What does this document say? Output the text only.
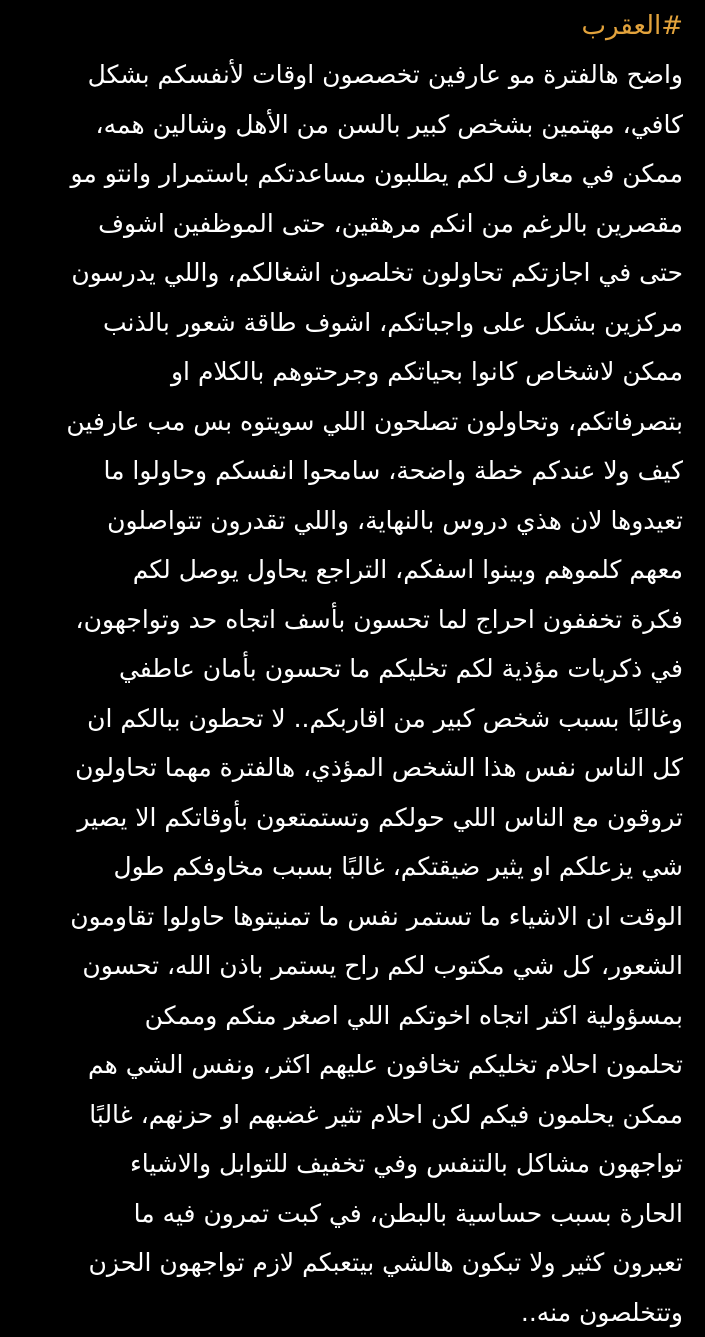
#العقرب
واضح هالفترة مو عارفين تخصصون اوقات لأنفسكم بشكل
كافي، مهتمين بشخص كبير بالسن من الأهل وشالين همه،
ممكن في معارف لكم يطلبون مساعدتكم باستمرار وانتو مو
مقصرين بالرغم من انكم مرهقين، حتى الموظفين اشوف
حتى في اجازتكم تحاولون تخلصون اشغالكم، واللي يدرسون
مركزين بشكل على واجباتكم، اشوف طاقة شعور بالذنب
ممكن لاشخاص كانوا بحياتكم وجرحتوهم بالكلام او
بتصرفاتكم، وتحاولون تصلحون اللي سويتوه بس مب عارفين
كيف ولا عندكم خطة واضحة، سامحوا انفسكم وحاولوا ما
تعيدوها لان هذي دروس بالنهاية، واللي تقدرون تتواصلون
معهم كلموهم وبينوا اسفكم، التراجع يحاول يوصل لكم
فكرة تخففون احراج لما تحسون بأسف اتجاه حد وتواجهون،
في ذكريات مؤذية لكم تخليكم ما تحسون بأمان عاطفي
وغالبًا بسبب شخص كبير من اقاربكم.. لا تحطون ببالكم ان
كل الناس نفس هذا الشخص المؤذي، هالفترة مهما تحاولون
تروقون مع الناس اللي حولكم وتستمتعون بأوقاتكم الا يصير
شي يزعلكم او يثير ضيقتكم، غالبًا بسبب مخاوفكم طول
الوقت ان الاشياء ما تستمر نفس ما تمنيتوها حاولوا تقاومون
الشعور، كل شي مكتوب لكم راح يستمر باذن الله، تحسون
بمسؤولية اكثر اتجاه اخوتكم اللي اصغر منكم وممكن
تحلمون احلام تخليكم تخافون عليهم اكثر، ونفس الشي هم
ممكن يحلمون فيكم لكن احلام تثير غضبهم او حزنهم، غالبًا
تواجهون مشاكل بالتنفس وفي تخفيف للتوابل والاشياء
الحارة بسبب حساسية بالبطن، في كبت تمرون فيه ما
تعبرون كثير ولا تبكون هالشي بيتعبكم لازم تواجهون الحزن
وتتخلصون منه..
